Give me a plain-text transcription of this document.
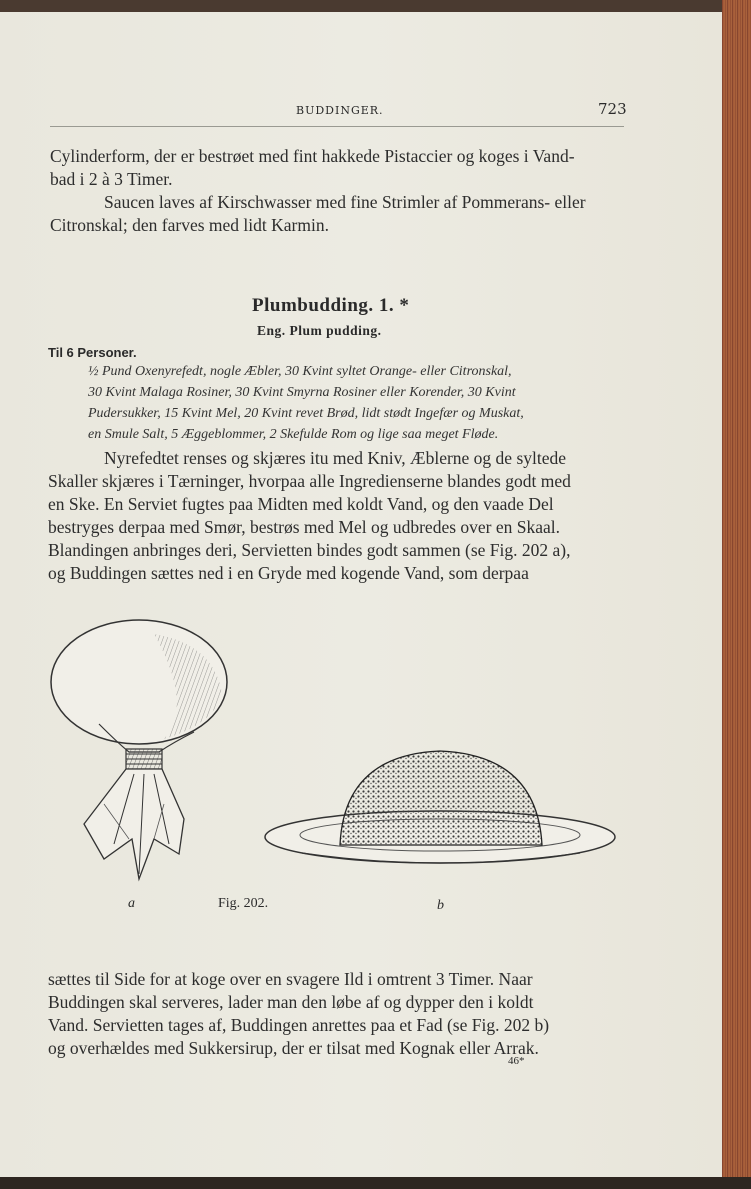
BUDDINGER.	723
Cylinderform, der er bestrøet med fint hakkede Pistaccier og koges i Vand-
bad i 2 à 3 Timer.
Saucen laves af Kirschwasser med fine Strimler af Pommerans- eller
Citronskal; den farves med lidt Karmin.
Plumbudding. 1. *
Eng. Plum pudding.
Til 6 Personer.
½ Pund Oxenyrefedt, nogle Æbler, 30 Kvint syltet Orange- eller Citronskal,
30 Kvint Malaga Rosiner, 30 Kvint Smyrna Rosiner eller Korender, 30 Kvint
Pudersukker, 15 Kvint Mel, 20 Kvint revet Brød, lidt stødt Ingefær og Muskat,
en Smule Salt, 5 Æggeblommer, 2 Skefulde Rom og lige saa meget Fløde.
Nyrefedtet renses og skjæres itu med Kniv, Æblerne og de syltede
Skaller skjæres i Tærninger, hvorpaa alle Ingredienserne blandes godt med
en Ske. En Serviet fugtes paa Midten med koldt Vand, og den vaade Del
bestryges derpaa med Smør, bestrøs med Mel og udbredes over en Skaal.
Blandingen anbringes deri, Servietten bindes godt sammen (se Fig. 202 a),
og Buddingen sættes ned i en Gryde med kogende Vand, som derpaa
a	Fig. 202.	b
sættes til Side for at koge over en svagere Ild i omtrent 3 Timer. Naar
Buddingen skal serveres, lader man den løbe af og dypper den i koldt
Vand. Servietten tages af, Buddingen anrettes paa et Fad (se Fig. 202 b)
og overhældes med Sukkersirup, der er tilsat med Kognak eller Arrak.
46*
